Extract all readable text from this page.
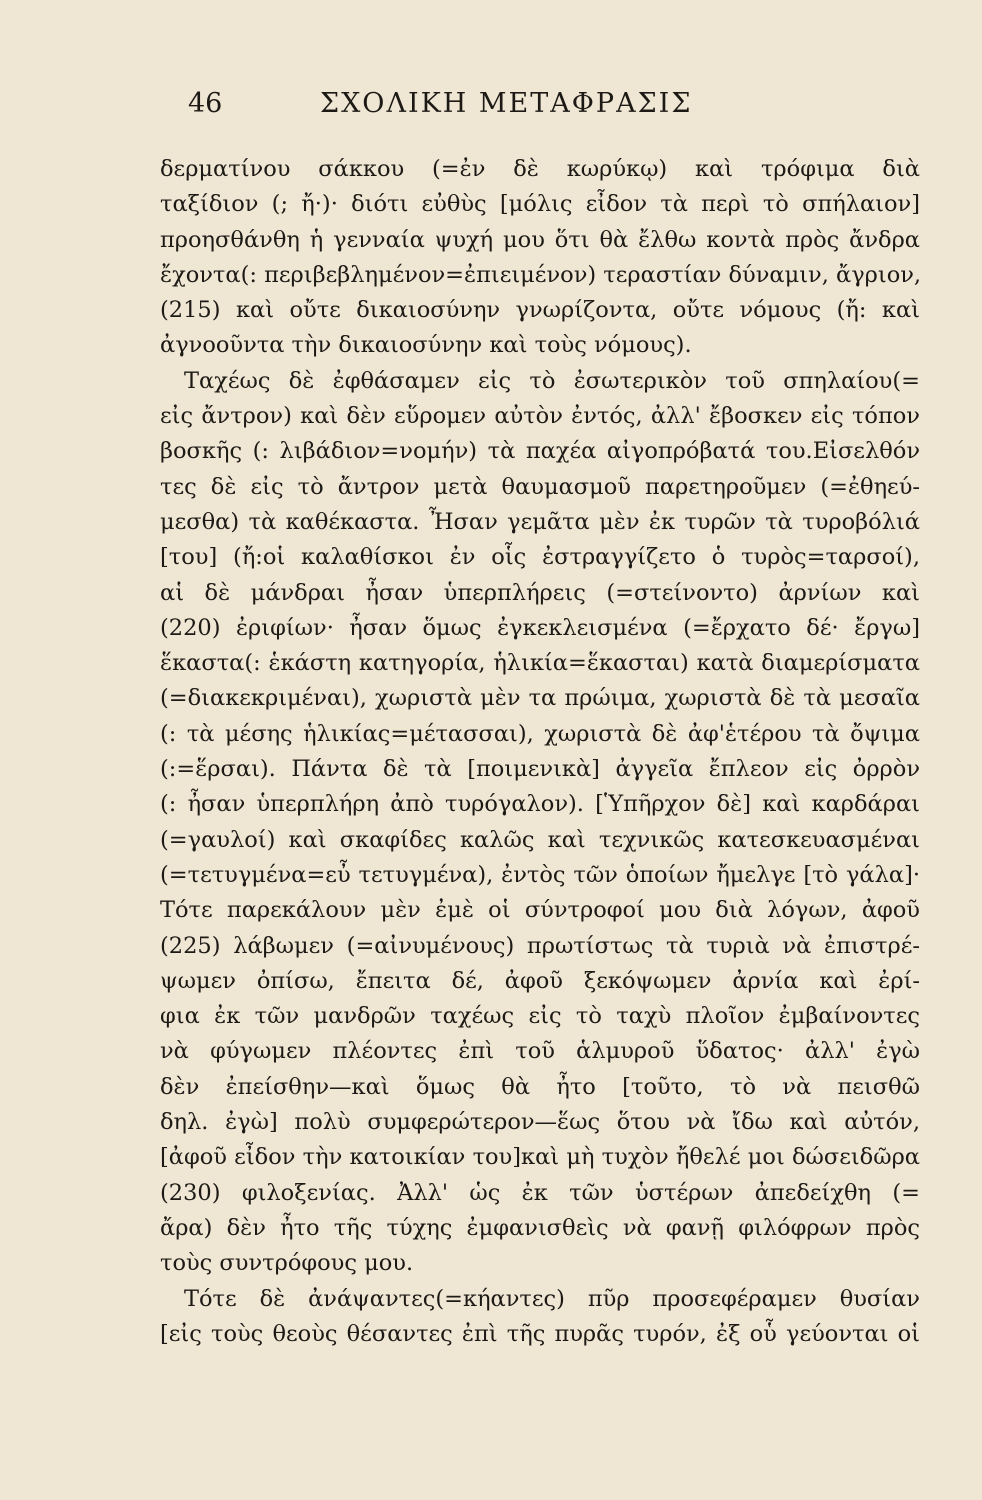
46	ΣΧΟΛΙΚΗ ΜΕΤΑΦΡΑΣΙΣ
δερματίνου σάκκου (=ἐν δὲ κωρύκῳ) καὶ τρόφιμα διὰ
ταξίδιον (; ἤ·)· διότι εὐθὺς [μόλις εἶδον τὰ περὶ τὸ σπήλαιον]
προησθάνθη ἡ γενναία ψυχή μου ὅτι θὰ ἔλθω κοντὰ πρὸς ἄνδρα
ἔχοντα(: περιβεβλημένον=ἐπιειμένον) τεραστίαν δύναμιν, ἄγριον,
(215) καὶ οὔτε δικαιοσύνην γνωρίζοντα, οὔτε νόμους (ἤ: καὶ
ἀγνοοῦντα τὴν δικαιοσύνην καὶ τοὺς νόμους).
Ταχέως δὲ ἐφθάσαμεν εἰς τὸ ἐσωτερικὸν τοῦ σπηλαίου(=
εἰς ἄντρον) καὶ δὲν εὕρομεν αὐτὸν ἐντός, ἀλλ' ἔβοσκεν εἰς τόπον
βοσκῆς (: λιβάδιον=νομήν) τὰ παχέα αἰγοπρόβατά του.Εἰσελθόν
τες δὲ εἰς τὸ ἄντρον μετὰ θαυμασμοῦ παρετηροῦμεν (=ἐθηεύ-
μεσθα) τὰ καθέκαστα. Ἦσαν γεμᾶτα μὲν ἐκ τυρῶν τὰ τυροβόλιά
[του] (ἤ:οἱ καλαθίσκοι ἐν οἷς ἐστραγγίζετο ὁ τυρὸς=ταρσοί),
αἱ δὲ μάνδραι ἦσαν ὑπερπλήρεις (=στείνοντο) ἀρνίων καὶ
(220) ἐριφίων· ἦσαν ὅμως ἐγκεκλεισμένα (=ἔρχατο δέ· ἔργω]
ἕκαστα(: ἑκάστη κατηγορία, ἡλικία=ἕκασται) κατὰ διαμερίσματα
(=διακεκριμέναι), χωριστὰ μὲν τα πρώιμα, χωριστὰ δὲ τὰ μεσαῖα
(: τὰ μέσης ἡλικίας=μέτασσαι), χωριστὰ δὲ ἀφ'ἑτέρου τὰ ὄψιμα
(:=ἕρσαι). Πάντα δὲ τὰ [ποιμενικὰ] ἀγγεῖα ἔπλεον εἰς ὀρρὸν
(: ἦσαν ὑπερπλήρη ἀπὸ τυρόγαλον). [Ὑπῆρχον δὲ] καὶ καρδάραι
(=γαυλοί) καὶ σκαφίδες καλῶς καὶ τεχνικῶς κατεσκευασμέναι
(=τετυγμένα=εὖ τετυγμένα), ἐντὸς τῶν ὁποίων ἤμελγε [τὸ γάλα]·
Τότε παρεκάλουν μὲν ἐμὲ οἱ σύντροφοί μου διὰ λόγων, ἀφοῦ
(225) λάβωμεν (=αἰνυμένους) πρωτίστως τὰ τυριὰ νὰ ἐπιστρέ-
ψωμεν ὀπίσω, ἔπειτα δέ, ἀφοῦ ξεκόψωμεν ἀρνία καὶ ἐρί-
φια ἐκ τῶν μανδρῶν ταχέως εἰς τὸ ταχὺ πλοῖον ἐμβαίνοντες
νὰ φύγωμεν πλέοντες ἐπὶ τοῦ ἁλμυροῦ ὕδατος· ἀλλ' ἐγὼ
δὲν ἐπείσθην—καὶ ὅμως θὰ ἦτο [τοῦτο, τὸ νὰ πεισθῶ
δηλ. ἐγὼ] πολὺ συμφερώτερον—ἕως ὅτου νὰ ἴδω καὶ αὐτόν,
[ἀφοῦ εἶδον τὴν κατοικίαν του]καὶ μὴ τυχὸν ἤθελέ μοι δώσειδῶρα
(230) φιλοξενίας. Ἀλλ' ὡς ἐκ τῶν ὑστέρων ἀπεδείχθη (=
ἄρα) δὲν ἦτο τῆς τύχης ἐμφανισθεὶς νὰ φανῇ φιλόφρων πρὸς
τοὺς συντρόφους μου.
Τότε δὲ ἀνάψαντες(=κήαντες) πῦρ προσεφέραμεν θυσίαν
[εἰς τοὺς θεοὺς θέσαντες ἐπὶ τῆς πυρᾶς τυρόν, ἐξ οὗ γεύονται οἱ
